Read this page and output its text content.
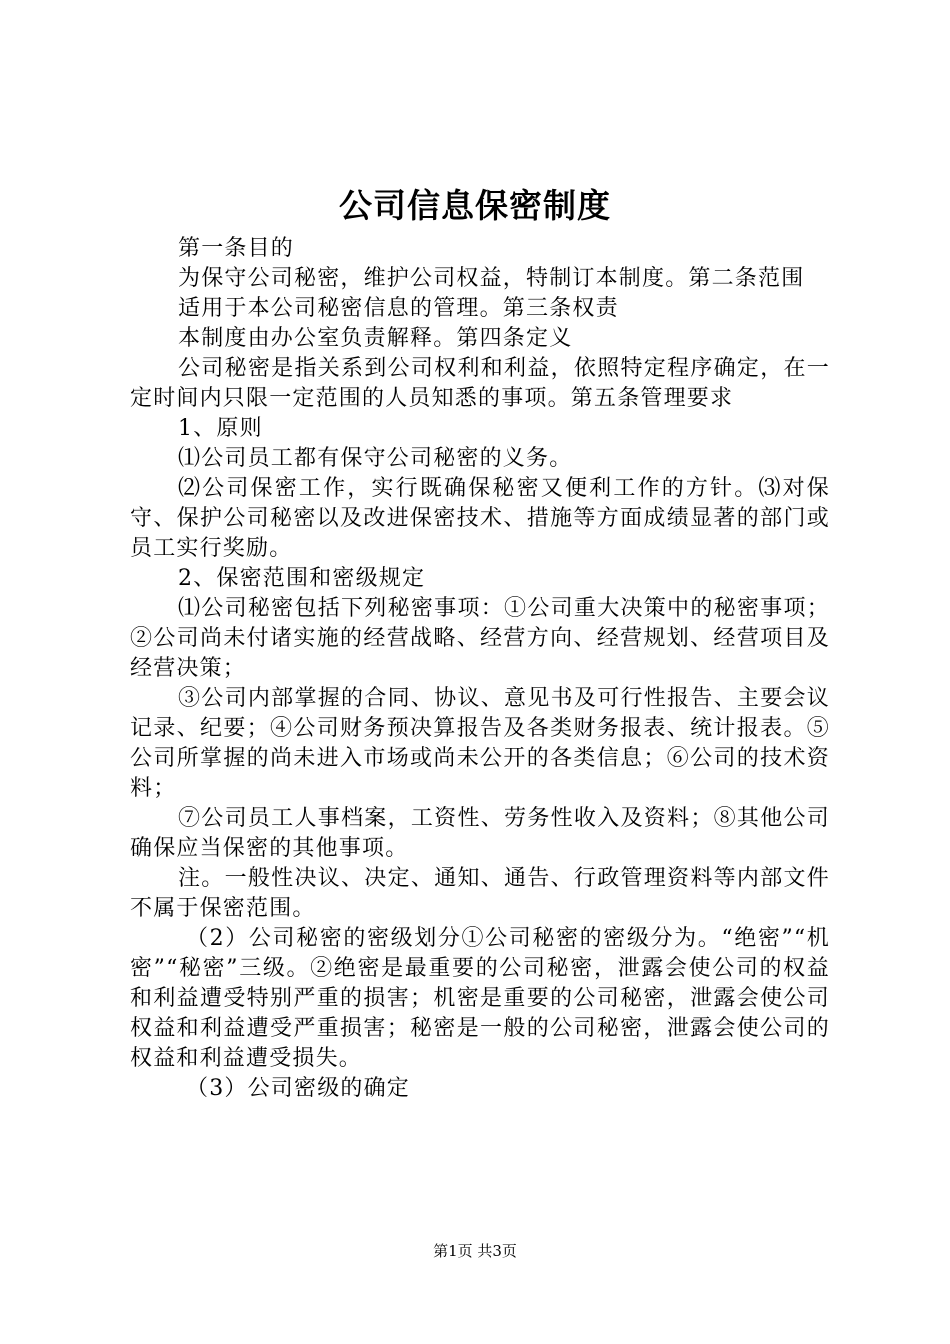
公司信息保密制度

第一条目的

为保守公司秘密，维护公司权益，特制订本制度。第二条范围

适用于本公司秘密信息的管理。第三条权责

本制度由办公室负责解释。第四条定义

公司秘密是指关系到公司权利和利益，依照特定程序确定，在一定时间内只限一定范围的人员知悉的事项。第五条管理要求

1、原则

⑴公司员工都有保守公司秘密的义务。

⑵公司保密工作，实行既确保秘密又便利工作的方针。⑶对保守、保护公司秘密以及改进保密技术、措施等方面成绩显著的部门或员工实行奖励。

2、保密范围和密级规定

⑴公司秘密包括下列秘密事项：①公司重大决策中的秘密事项；②公司尚未付诸实施的经营战略、经营方向、经营规划、经营项目及经营决策；

③公司内部掌握的合同、协议、意见书及可行性报告、主要会议记录、纪要；④公司财务预决算报告及各类财务报表、统计报表。⑤公司所掌握的尚未进入市场或尚未公开的各类信息；⑥公司的技术资料；

⑦公司员工人事档案，工资性、劳务性收入及资料；⑧其他公司确保应当保密的其他事项。

注。一般性决议、决定、通知、通告、行政管理资料等内部文件不属于保密范围。

（2）公司秘密的密级划分①公司秘密的密级分为。“绝密”“机密”“秘密”三级。②绝密是最重要的公司秘密，泄露会使公司的权益和利益遭受特别严重的损害；机密是重要的公司秘密，泄露会使公司权益和利益遭受严重损害；秘密是一般的公司秘密，泄露会使公司的权益和利益遭受损失。

（3）公司密级的确定

第1页 共3页
